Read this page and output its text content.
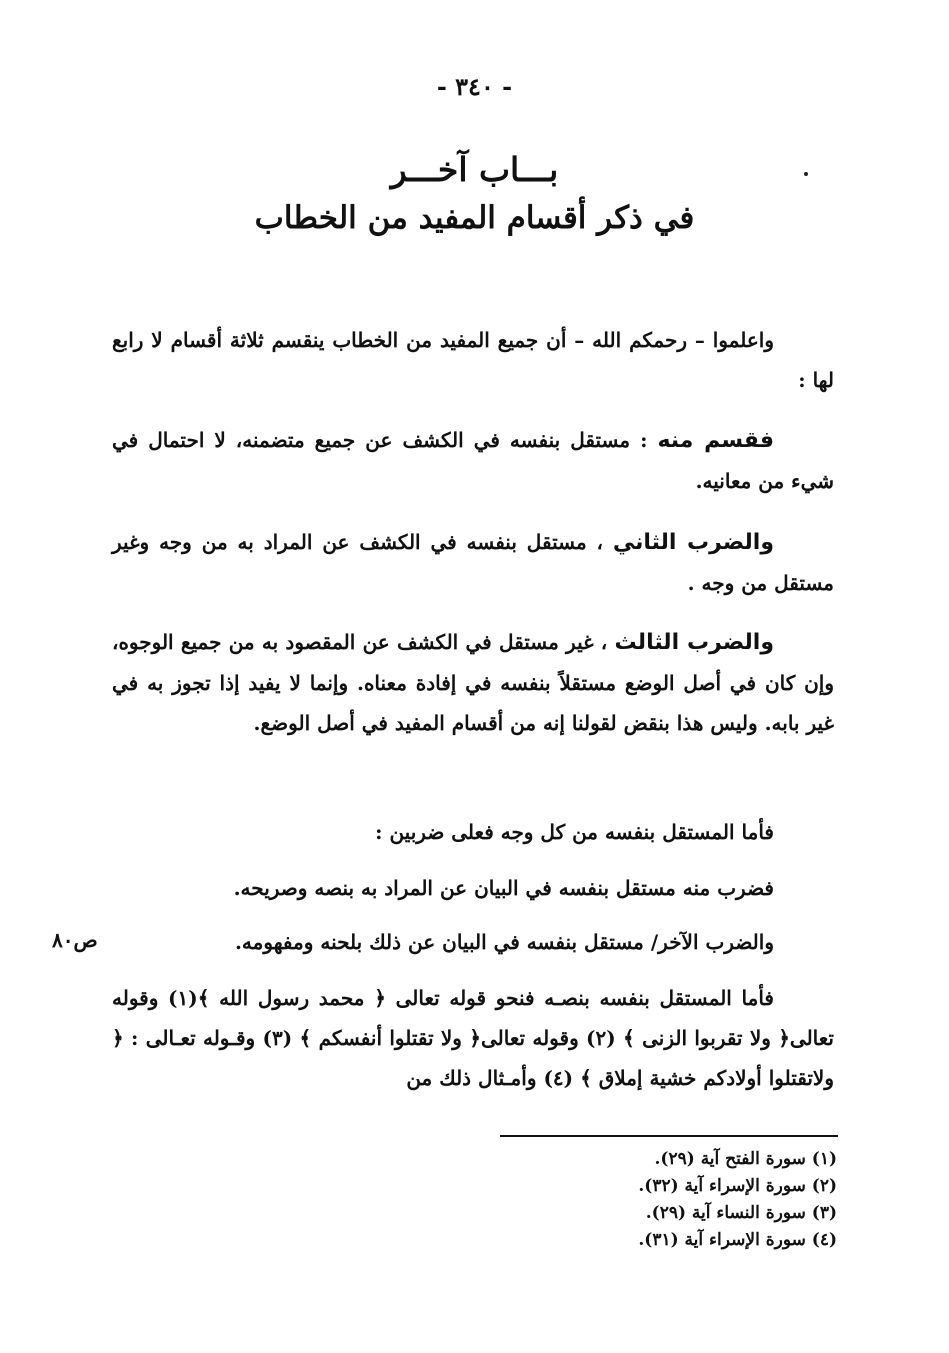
- ٣٤٠ -
بـــاب آخـــر
في ذكر أقسام المفيد من الخطاب
واعلموا – رحمكم الله – أن جميع المفيد من الخطاب ينقسم ثلاثة أقسام لا رابع لها :
فقسم منه : مستقل بنفسه في الكشف عن جميع متضمنه، لا احتمال في شيء من معانيه.
والضرب الثاني ، مستقل بنفسه في الكشف عن المراد به من وجه وغير مستقل من وجه .
والضرب الثالث ، غير مستقل في الكشف عن المقصود به من جميع الوجوه، وإن كان في أصل الوضع مستقلاً بنفسه في إفادة معناه. وإنما لا يفيد إذا تجوز به في غير بابه. وليس هذا بنقض لقولنا إنه من أقسام المفيد في أصل الوضع.
فأما المستقل بنفسه من كل وجه فعلى ضربين :
فضرب منه مستقل بنفسه في البيان عن المراد به بنصه وصريحه.
والضرب الآخر/ مستقل بنفسه في البيان عن ذلك بلحنه ومفهومه.
ص٨٠
فأما المستقل بنفسه بنصـه فنحو قوله تعالى ﴿ محمد رسول الله ﴾(١) وقوله تعالى﴿ ولا تقربوا الزنى ﴾ (٢) وقوله تعالى﴿ ولا تقتلوا أنفسكم ﴾ (٣) وقـوله تعـالى : ﴿ ولاتقتلوا أولادكم خشية إملاق ﴾ (٤) وأمـثال ذلك من
(١) سورة الفتح آية (٢٩).
(٢) سورة الإسراء آية (٣٢).
(٣) سورة النساء آية (٢٩).
(٤) سورة الإسراء آية (٣١).
